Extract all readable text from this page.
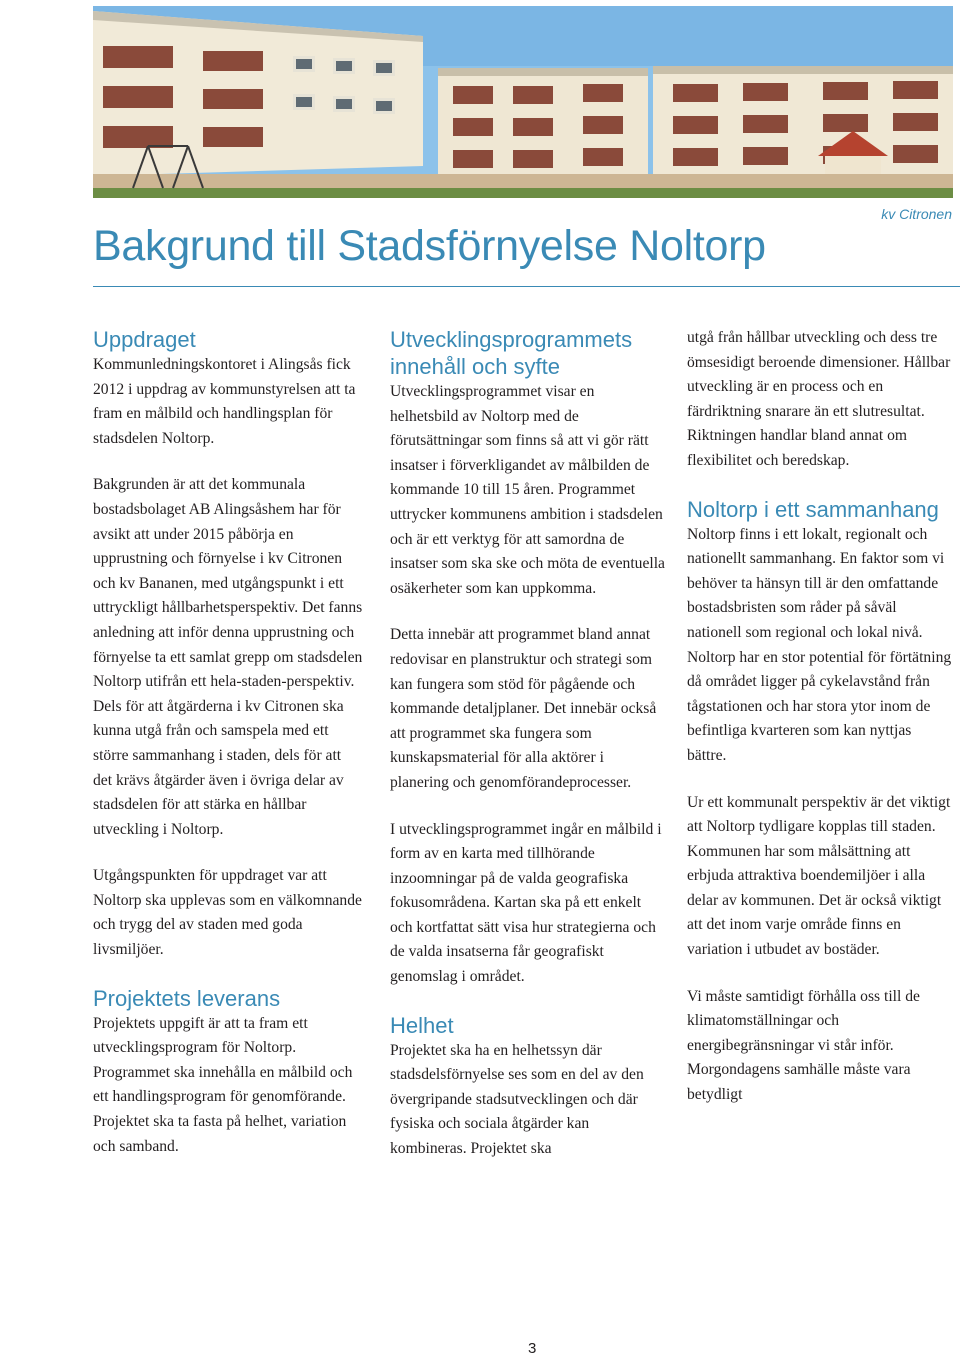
kv Citronen
Bakgrund till Stadsförnyelse Noltorp
Uppdraget

Kommunledningskontoret i Alingsås fick 2012 i uppdrag av kommunstyrelsen att ta fram en målbild och handlingsplan för stadsdelen Noltorp.

Bakgrunden är att det kommunala bostadsbolaget AB Alingsåshem har för avsikt att under 2015 påbörja en upprustning och förnyelse i kv Citronen och kv Bananen, med utgångspunkt i ett uttryckligt hållbarhetsperspektiv. Det fanns anledning att inför denna upprustning och förnyelse ta ett samlat grepp om stadsdelen Noltorp utifrån ett hela-staden-perspektiv. Dels för att åtgärderna i kv Citronen ska kunna utgå från och samspela med ett större sammanhang i staden, dels för att det krävs åtgärder även i övriga delar av stadsdelen för att stärka en hållbar utveckling i Noltorp.

Utgångspunkten för uppdraget var att Noltorp ska upplevas som en välkomnande och trygg del av staden med goda livsmiljöer.

Projektets leverans

Projektets uppgift är att ta fram ett utvecklingsprogram för Noltorp. Programmet ska innehålla en målbild och ett handlingsprogram för genomförande. Projektet ska ta fasta på helhet, variation och samband.

Utvecklingsprogrammets innehåll och syfte

Utvecklingsprogrammet visar en helhetsbild av Noltorp med de förutsättningar som finns så att vi gör rätt insatser i förverkligandet av målbilden de kommande 10 till 15 åren. Programmet uttrycker kommunens ambition i stadsdelen och är ett verktyg för att samordna de insatser som ska ske och möta de eventuella osäkerheter som kan uppkomma.

Detta innebär att programmet bland annat redovisar en planstruktur och strategi som kan fungera som stöd för pågående och kommande detaljplaner. Det innebär också att programmet ska fungera som kunskapsmaterial för alla aktörer i planering och genomförandeprocesser.

I utvecklingsprogrammet ingår en målbild i form av en karta med tillhörande inzoomningar på de valda geografiska fokusområdena. Kartan ska på ett enkelt och kortfattat sätt visa hur strategierna och de valda insatserna får geografiskt genomslag i området.

Helhet

Projektet ska ha en helhetssyn där stadsdelsförnyelse ses som en del av den övergripande stadsutvecklingen och där fysiska och sociala åtgärder kan kombineras. Projektet ska

utgå från hållbar utveckling och dess tre ömsesidigt beroende dimensioner. Hållbar utveckling är en process och en färdriktning snarare än ett slutresultat. Riktningen handlar bland annat om flexibilitet och beredskap.

Noltorp i ett sammanhang

Noltorp finns i ett lokalt, regionalt och nationellt sammanhang. En faktor som vi behöver ta hänsyn till är den omfattande bostadsbristen som råder på såväl nationell som regional och lokal nivå. Noltorp har en stor potential för förtätning då området ligger på cykelavstånd från tågstationen och har stora ytor inom de befintliga kvarteren som kan nyttjas bättre.

Ur ett kommunalt perspektiv är det viktigt att Noltorp tydligare kopplas till staden. Kommunen har som målsättning att erbjuda attraktiva boendemiljöer i alla delar av kommunen. Det är också viktigt att det inom varje område finns en variation i utbudet av bostäder.

Vi måste samtidigt förhålla oss till de klimatomställningar och energibegränsningar vi står inför. Morgondagens samhälle måste vara betydligt

3
